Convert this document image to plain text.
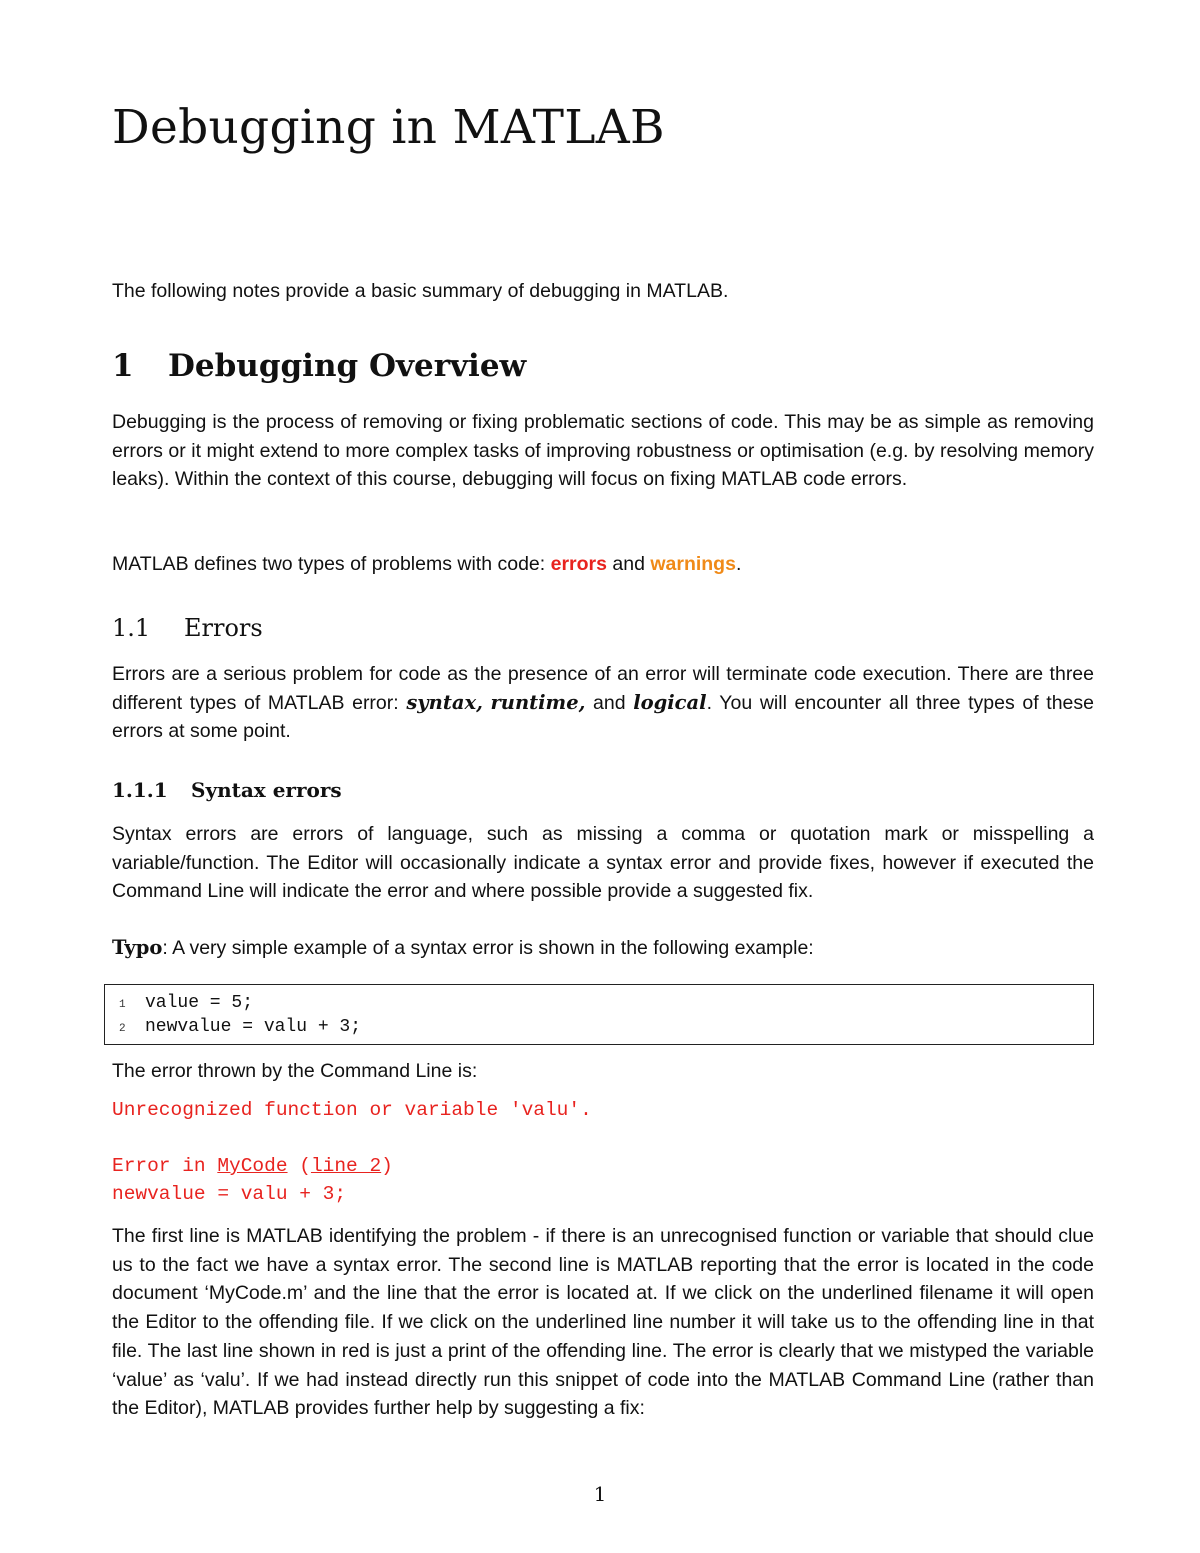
Debugging in MATLAB

The following notes provide a basic summary of debugging in MATLAB.

1 Debugging Overview

Debugging is the process of removing or fixing problematic sections of code. This may be as simple as removing errors or it might extend to more complex tasks of improving robustness or optimisation (e.g. by resolving memory leaks). Within the context of this course, debugging will focus on fixing MATLAB code errors.

MATLAB defines two types of problems with code: errors and warnings.

1.1 Errors

Errors are a serious problem for code as the presence of an error will terminate code execution. There are three different types of MATLAB error: syntax, runtime, and logical. You will encounter all three types of these errors at some point.

1.1.1 Syntax errors

Syntax errors are errors of language, such as missing a comma or quotation mark or misspelling a variable/function. The Editor will occasionally indicate a syntax error and provide fixes, however if executed the Command Line will indicate the error and where possible provide a suggested fix.

Typo: A very simple example of a syntax error is shown in the following example:

1 value = 5;
2 newvalue = valu + 3;

The error thrown by the Command Line is:

Unrecognized function or variable 'valu'.
Error in MyCode (line 2)
newvalue = valu + 3;

The first line is MATLAB identifying the problem - if there is an unrecognised function or variable that should clue us to the fact we have a syntax error. The second line is MATLAB reporting that the error is located in the code document ‘MyCode.m’ and the line that the error is located at. If we click on the underlined filename it will open the Editor to the offending file. If we click on the underlined line number it will take us to the offending line in that file. The last line shown in red is just a print of the offending line. The error is clearly that we mistyped the variable ‘value’ as ‘valu’. If we had instead directly run this snippet of code into the MATLAB Command Line (rather than the Editor), MATLAB provides further help by suggesting a fix:

1
